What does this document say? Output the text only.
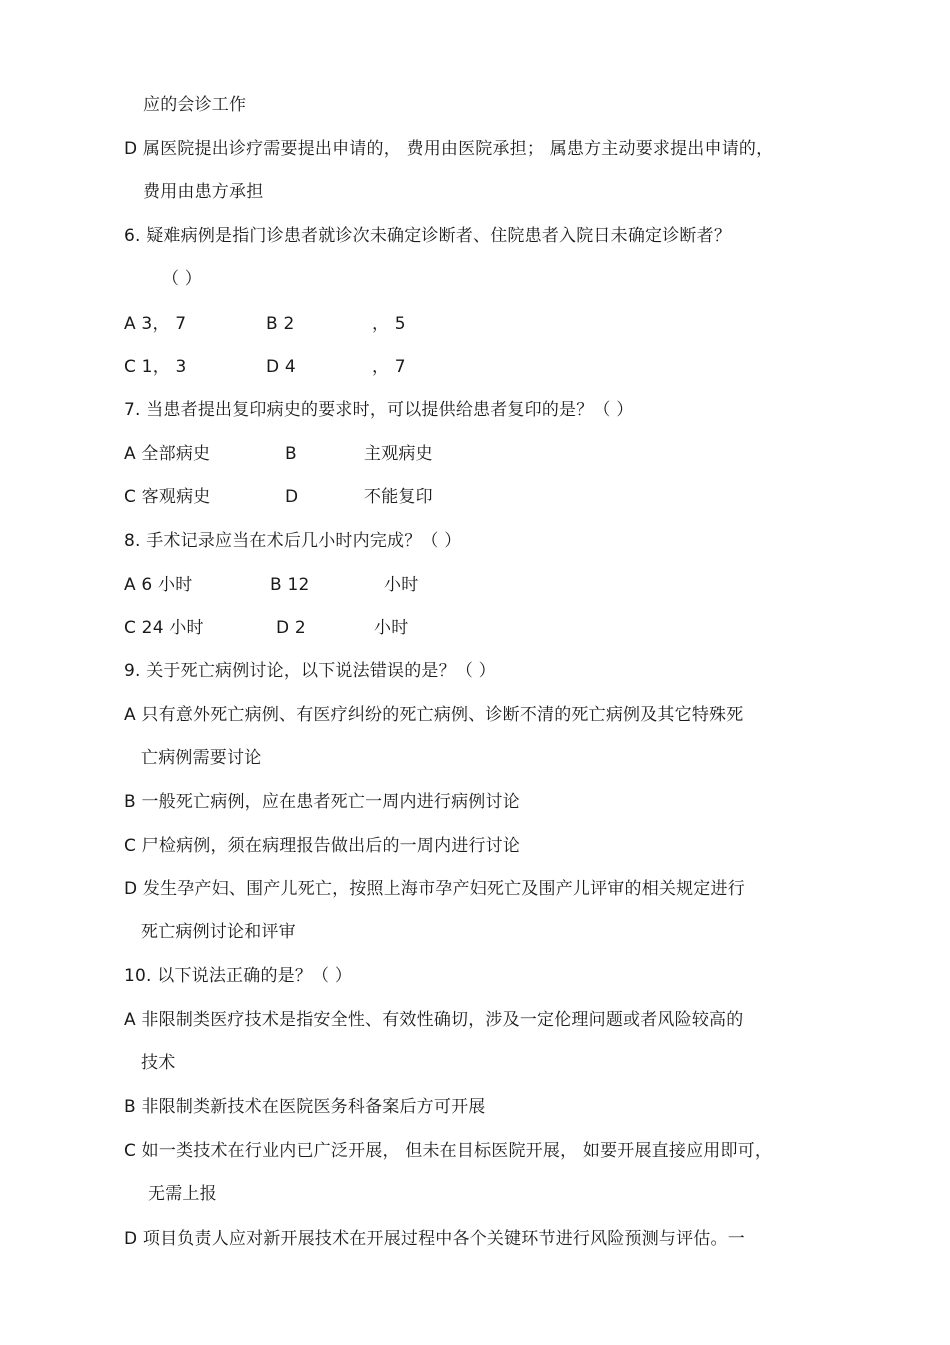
应的会诊工作
D 属医院提出诊疗需要提出申请的， 费用由医院承担； 属患方主动要求提出申请的，
费用由患方承担
6. 疑难病例是指门诊患者就诊次未确定诊断者、住院患者入院日未确定诊断者？
（ ）
A 3， 7	B 2	， 5
C 1， 3	D 4	， 7
7. 当患者提出复印病史的要求时，可以提供给患者复印的是？（ ）
A 全部病史	B	主观病史
C 客观病史	D	不能复印
8. 手术记录应当在术后几小时内完成？（ ）
A 6 小时	B 12	小时
C 24 小时	D 2	小时
9. 关于死亡病例讨论，以下说法错误的是？（ ）
A 只有意外死亡病例、有医疗纠纷的死亡病例、诊断不清的死亡病例及其它特殊死
亡病例需要讨论
B 一般死亡病例，应在患者死亡一周内进行病例讨论
C 尸检病例，须在病理报告做出后的一周内进行讨论
D 发生孕产妇、围产儿死亡，按照上海市孕产妇死亡及围产儿评审的相关规定进行
死亡病例讨论和评审
10. 以下说法正确的是？（ ）
A 非限制类医疗技术是指安全性、有效性确切，涉及一定伦理问题或者风险较高的
技术
B 非限制类新技术在医院医务科备案后方可开展
C 如一类技术在行业内已广泛开展， 但未在目标医院开展， 如要开展直接应用即可，
无需上报
D 项目负责人应对新开展技术在开展过程中各个关键环节进行风险预测与评估。一
